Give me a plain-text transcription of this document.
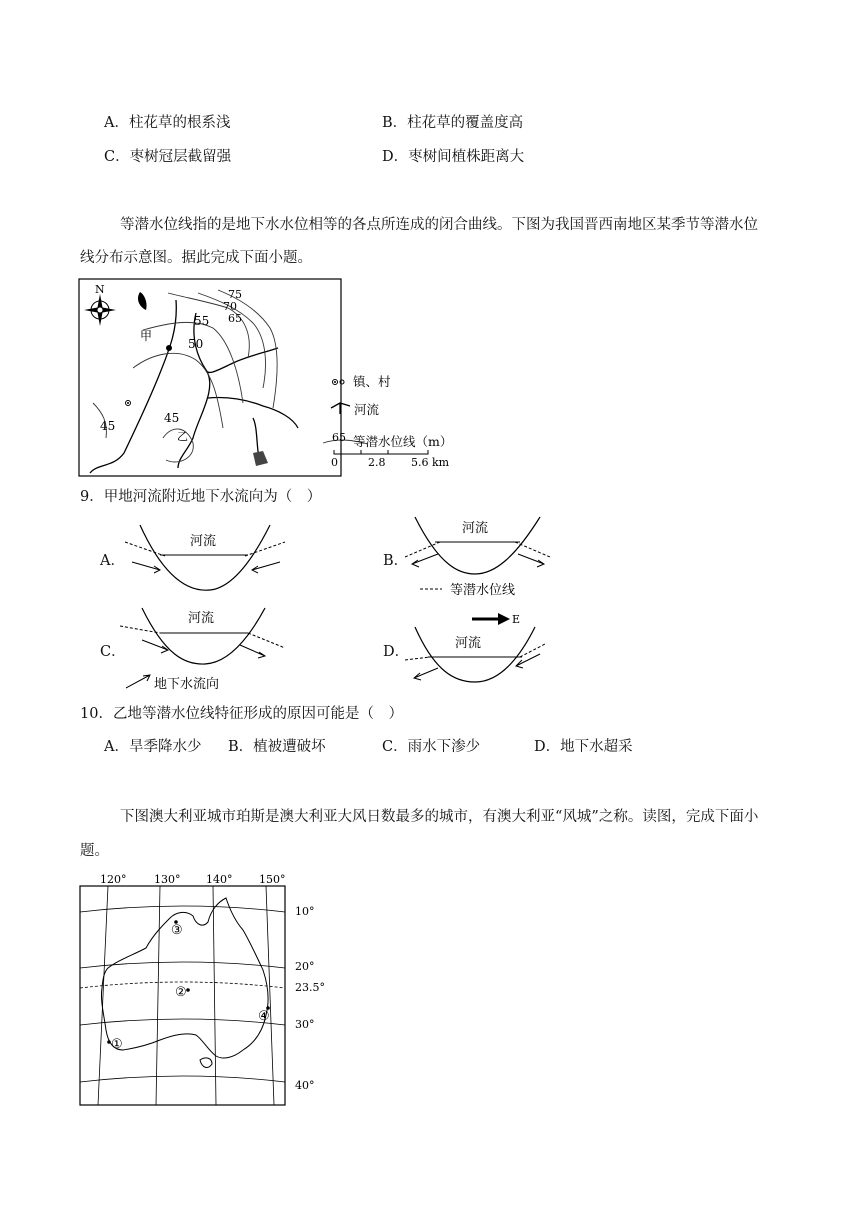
A．柱花草的根系浅	B．柱花草的覆盖度高
C．枣树冠层截留强	D．枣树间植株距离大
等潜水位线指的是地下水水位相等的各点所连成的闭合曲线。下图为我国晋西南地区某季节等潜水位
线分布示意图。据此完成下面小题。
N
甲
75
70
65
55
50
45
45
乙
镇、村
河流
65 等潜水位线（m）
0	2.8 5.6 km
9．甲地河流附近地下水流向为（　）
A．
河流
B．
河流
等潜水位线
E
C．
河流
地下水流向
D．
河流
10．乙地等潜水位线特征形成的原因可能是（　）
A．旱季降水少 B．植被遭破坏	C．雨水下渗少	D．地下水超采
下图澳大利亚城市珀斯是澳大利亚大风日数最多的城市，有澳大利亚“风城”之称。读图，完成下面小
题。
120°	130° 140° 150°
10°
20°
23.5°
30°
40°
①
②
③
④
